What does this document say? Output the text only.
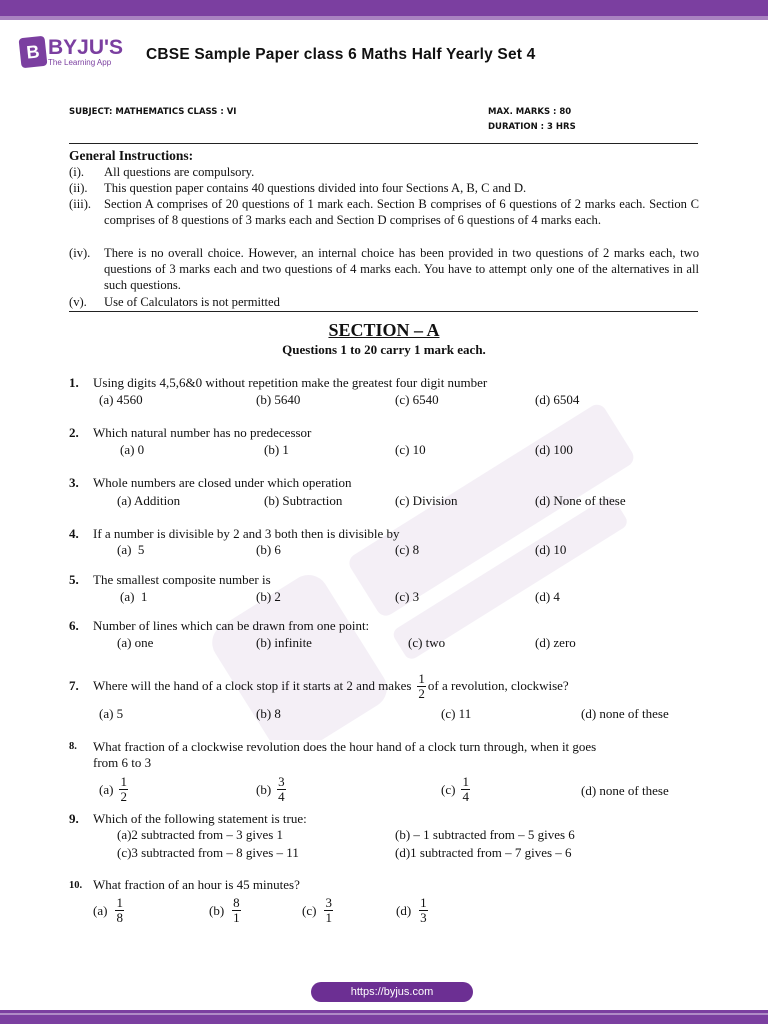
B BYJU'S
The Learning App	CBSE Sample Paper class 6 Maths Half Yearly Set 4
SUBJECT: MATHEMATICS CLASS : VI	MAX. MARKS : 80
DURATION : 3 HRS
General Instructions:
(i). All questions are compulsory.
(ii). This question paper contains 40 questions divided into four Sections A, B, C and D.
(iii). Section A comprises of 20 questions of 1 mark each. Section B comprises of 6 questions of 2 marks each. Section C comprises of 8 questions of 3 marks each and Section D comprises of 6 questions of 4 marks each.
(iv). There is no overall choice. However, an internal choice has been provided in two questions of 2 marks each, two questions of 3 marks each and two questions of 4 marks each. You have to attempt only one of the alternatives in all such questions.
(v). Use of Calculators is not permitted
SECTION – A
Questions 1 to 20 carry 1 mark each.
1. Using digits 4,5,6&0 without repetition make the greatest four digit number
(a) 4560	(b) 5640	(c) 6540	(d) 6504
2. Which natural number has no predecessor
(a) 0	(b) 1	(c) 10	(d) 100
3. Whole numbers are closed under which operation
(a) Addition	(b) Subtraction	(c) Division	(d) None of these
4. If a number is divisible by 2 and 3 both then is divisible by
(a)  5	(b) 6	(c) 8	(d) 10
5. The smallest composite number is
(a)  1	(b) 2	(c) 3	(d) 4
6. Number of lines which can be drawn from one point:
(a) one	(b) infinite	(c) two	(d) zero
7. Where will the hand of a clock stop if it starts at 2 and makes $\frac{1}{2}$ of a revolution, clockwise?
(a) 5	(b) 8	(c) 11	(d) none of these
8. What fraction of a clockwise revolution does the hour hand of a clock turn through, when it goes
from 6 to 3
$(a) \frac{1}{2}$	$(b) \frac{3}{4}$	$(c) \frac{1}{4}$	(d) none of these
9. Which of the following statement is true:
(a)2 subtracted from – 3 gives 1	(b) – 1 subtracted from – 5 gives 6
(c)3 subtracted from – 8 gives – 11	(d)1 subtracted from – 7 gives – 6
10. What fraction of an hour is 45 minutes?
$(a) \frac{1}{8}$	$(b) \frac{8}{1}$	$(c) \frac{3}{1}$	$(d) \frac{1}{3}$
https://byjus.com
